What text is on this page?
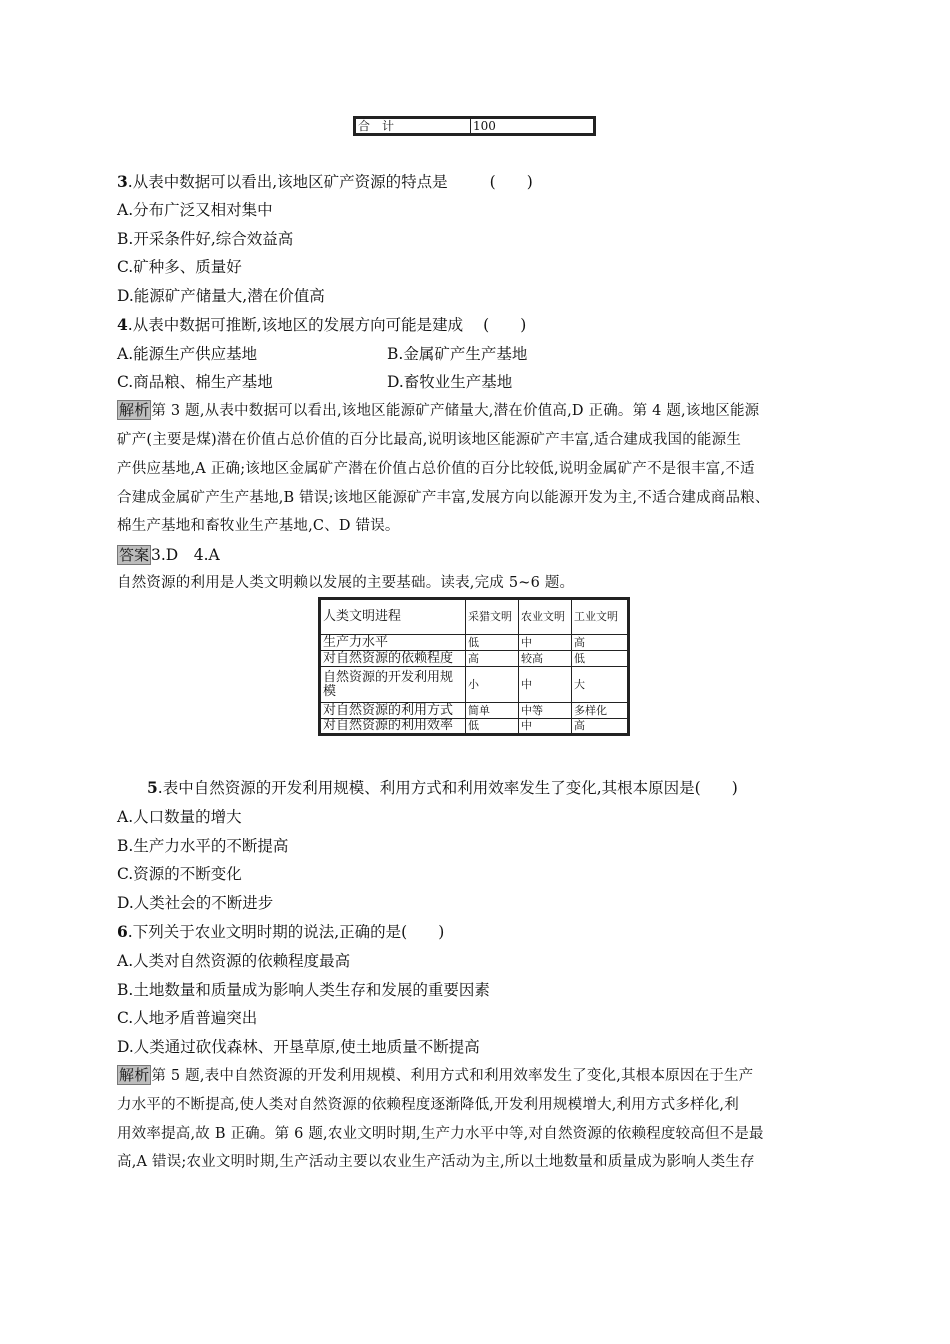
合　计	100
3.从表中数据可以看出,该地区矿产资源的特点是	(　　)
A.分布广泛又相对集中
B.开采条件好,综合效益高
C.矿种多、质量好
D.能源矿产储量大,潜在价值高
4.从表中数据可推断,该地区的发展方向可能是建成 (　　)
A.能源生产供应基地	B.金属矿产生产基地
C.商品粮、棉生产基地	D.畜牧业生产基地
解析 第 3 题,从表中数据可以看出,该地区能源矿产储量大,潜在价值高,D 正确。第 4 题,该地区能源
矿产(主要是煤)潜在价值占总价值的百分比最高,说明该地区能源矿产丰富,适合建成我国的能源生
产供应基地,A 正确;该地区金属矿产潜在价值占总价值的百分比较低,说明金属矿产不是很丰富,不适
合建成金属矿产生产基地,B 错误;该地区能源矿产丰富,发展方向以能源开发为主,不适合建成商品粮、
棉生产基地和畜牧业生产基地,C、D 错误。
答案 3.D　4.A
自然资源的利用是人类文明赖以发展的主要基础。读表,完成 5~6 题。
人类文明进程	采猎文明	农业文明	工业文明
生产力水平	低	中	高
对自然资源的依赖程度	高	较高	低
自然资源的开发利用规模	小	中	大
对自然资源的利用方式	简单	中等	多样化
对自然资源的利用效率	低	中	高
5.表中自然资源的开发利用规模、利用方式和利用效率发生了变化,其根本原因是(　　)
A.人口数量的增大
B.生产力水平的不断提高
C.资源的不断变化
D.人类社会的不断进步
6.下列关于农业文明时期的说法,正确的是(　　)
A.人类对自然资源的依赖程度最高
B.土地数量和质量成为影响人类生存和发展的重要因素
C.人地矛盾普遍突出
D.人类通过砍伐森林、开垦草原,使土地质量不断提高
解析 第 5 题,表中自然资源的开发利用规模、利用方式和利用效率发生了变化,其根本原因在于生产
力水平的不断提高,使人类对自然资源的依赖程度逐渐降低,开发利用规模增大,利用方式多样化,利
用效率提高,故 B 正确。第 6 题,农业文明时期,生产力水平中等,对自然资源的依赖程度较高但不是最
高,A 错误;农业文明时期,生产活动主要以农业生产活动为主,所以土地数量和质量成为影响人类生存
